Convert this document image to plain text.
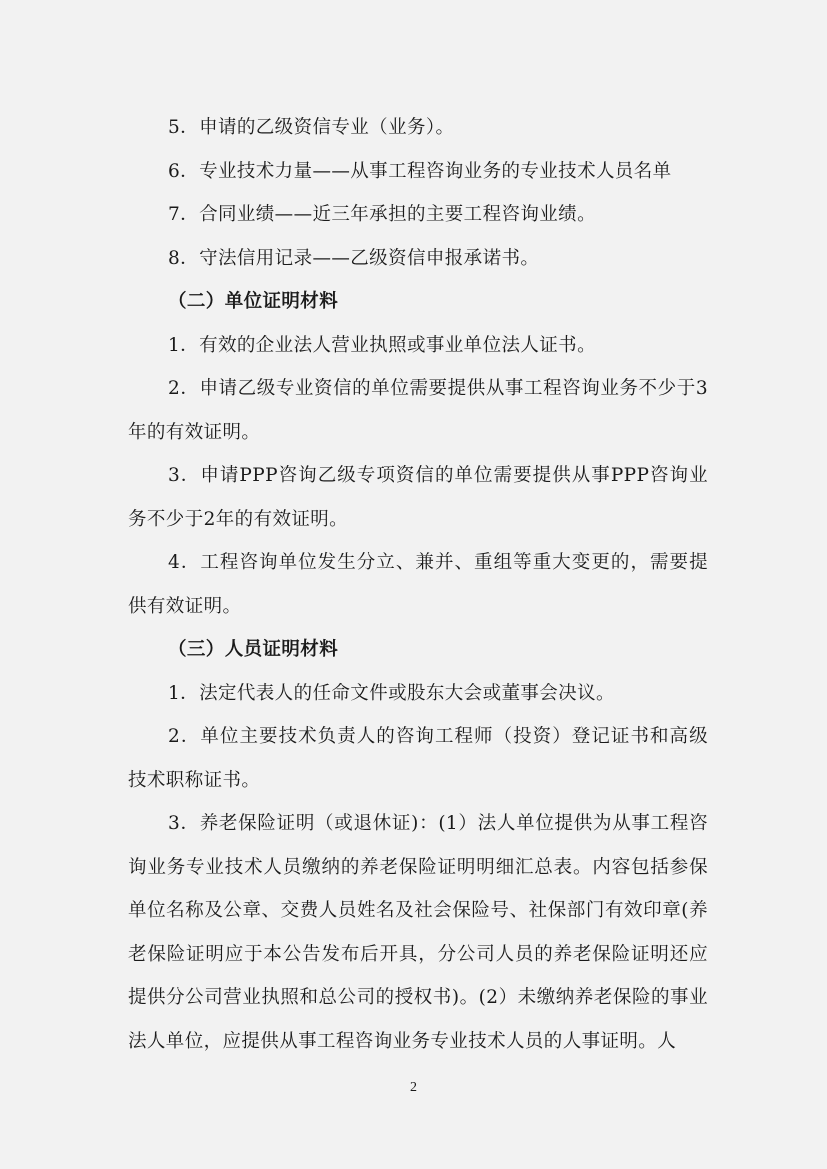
5．申请的乙级资信专业（业务）。

6．专业技术力量——从事工程咨询业务的专业技术人员名单

7．合同业绩——近三年承担的主要工程咨询业绩。

8．守法信用记录——乙级资信申报承诺书。

（二）单位证明材料

1．有效的企业法人营业执照或事业单位法人证书。

2．申请乙级专业资信的单位需要提供从事工程咨询业务不少于3年的有效证明。

3．申请PPP咨询乙级专项资信的单位需要提供从事PPP咨询业务不少于2年的有效证明。

4．工程咨询单位发生分立、兼并、重组等重大变更的，需要提供有效证明。

（三）人员证明材料

1．法定代表人的任命文件或股东大会或董事会决议。

2．单位主要技术负责人的咨询工程师（投资）登记证书和高级技术职称证书。

3．养老保险证明（或退休证)：(1）法人单位提供为从事工程咨询业务专业技术人员缴纳的养老保险证明明细汇总表。内容包括参保单位名称及公章、交费人员姓名及社会保险号、社保部门有效印章(养老保险证明应于本公告发布后开具，分公司人员的养老保险证明还应提供分公司营业执照和总公司的授权书)。(2）未缴纳养老保险的事业法人单位，应提供从事工程咨询业务专业技术人员的人事证明。人

2
